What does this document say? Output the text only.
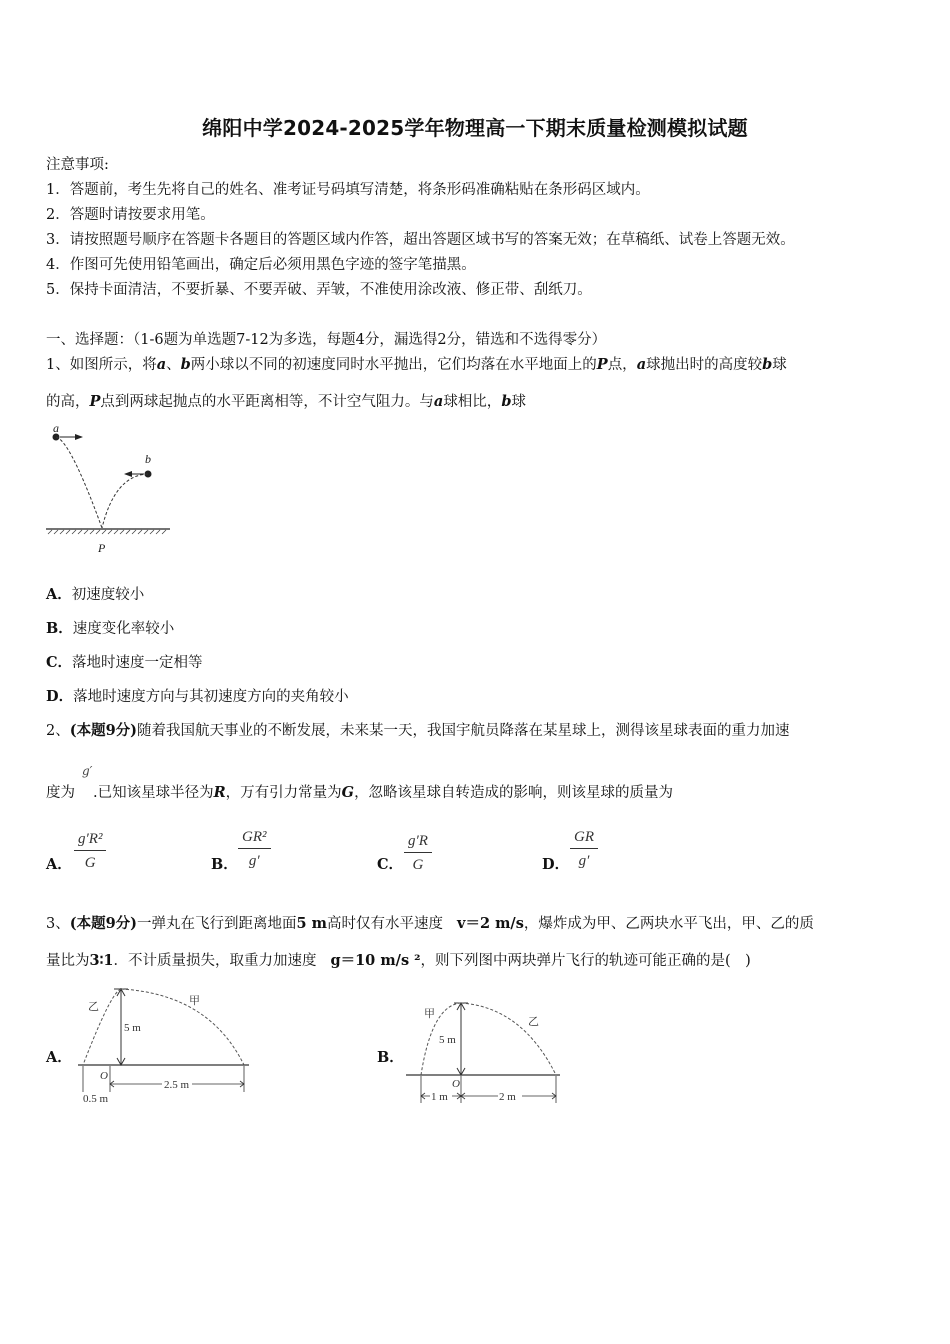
绵阳中学2024-2025学年物理高一下期末质量检测模拟试题
注意事项:
1．答题前，考生先将自己的姓名、准考证号码填写清楚，将条形码准确粘贴在条形码区域内。
2．答题时请按要求用笔。
3．请按照题号顺序在答题卡各题目的答题区域内作答，超出答题区域书写的答案无效；在草稿纸、试卷上答题无效。
4．作图可先使用铅笔画出，确定后必须用黑色字迹的签字笔描黑。
5．保持卡面清洁，不要折暴、不要弄破、弄皱，不准使用涂改液、修正带、刮纸刀。
一、选择题：（1-6题为单选题7-12为多选，每题4分，漏选得2分，错选和不选得零分）
1、如图所示，将a、b两小球以不同的初速度同时水平抛出，它们均落在水平地面上的P点，a球抛出时的高度较b球
的高，P点到两球起抛点的水平距离相等，不计空气阻力。与a球相比，b球
a
b
P
A．初速度较小
B．速度变化率较小
C．落地时速度一定相等
D．落地时速度方向与其初速度方向的夹角较小
2、(本题9分)随着我国航天事业的不断发展，未来某一天，我国宇航员降落在某星球上，测得该星球表面的重力加速
g′
度为 .已知该星球半径为R，万有引力常量为G，忽略该星球自转造成的影响，则该星球的质量为
A． $\frac{\text{g′R²}}{G}$	B． $\frac{\text{GR²}}{g'}$	C． $\frac{g'R}{G}$	D． $\frac{GR}{g'}$
3、(本题9分)一弹丸在飞行到距离地面5 m高时仅有水平速度 v＝2 m/s，爆炸成为甲、乙两块水平飞出，甲、乙的质
量比为3∶1．不计质量损失，取重力加速度 g＝10 m/s ²，则下列图中两块弹片飞行的轨迹可能正确的是(　)
A．
乙	甲
5 m
O
2.5 m
0.5 m
B．
甲
乙
5 m
O
1 m	2 m
